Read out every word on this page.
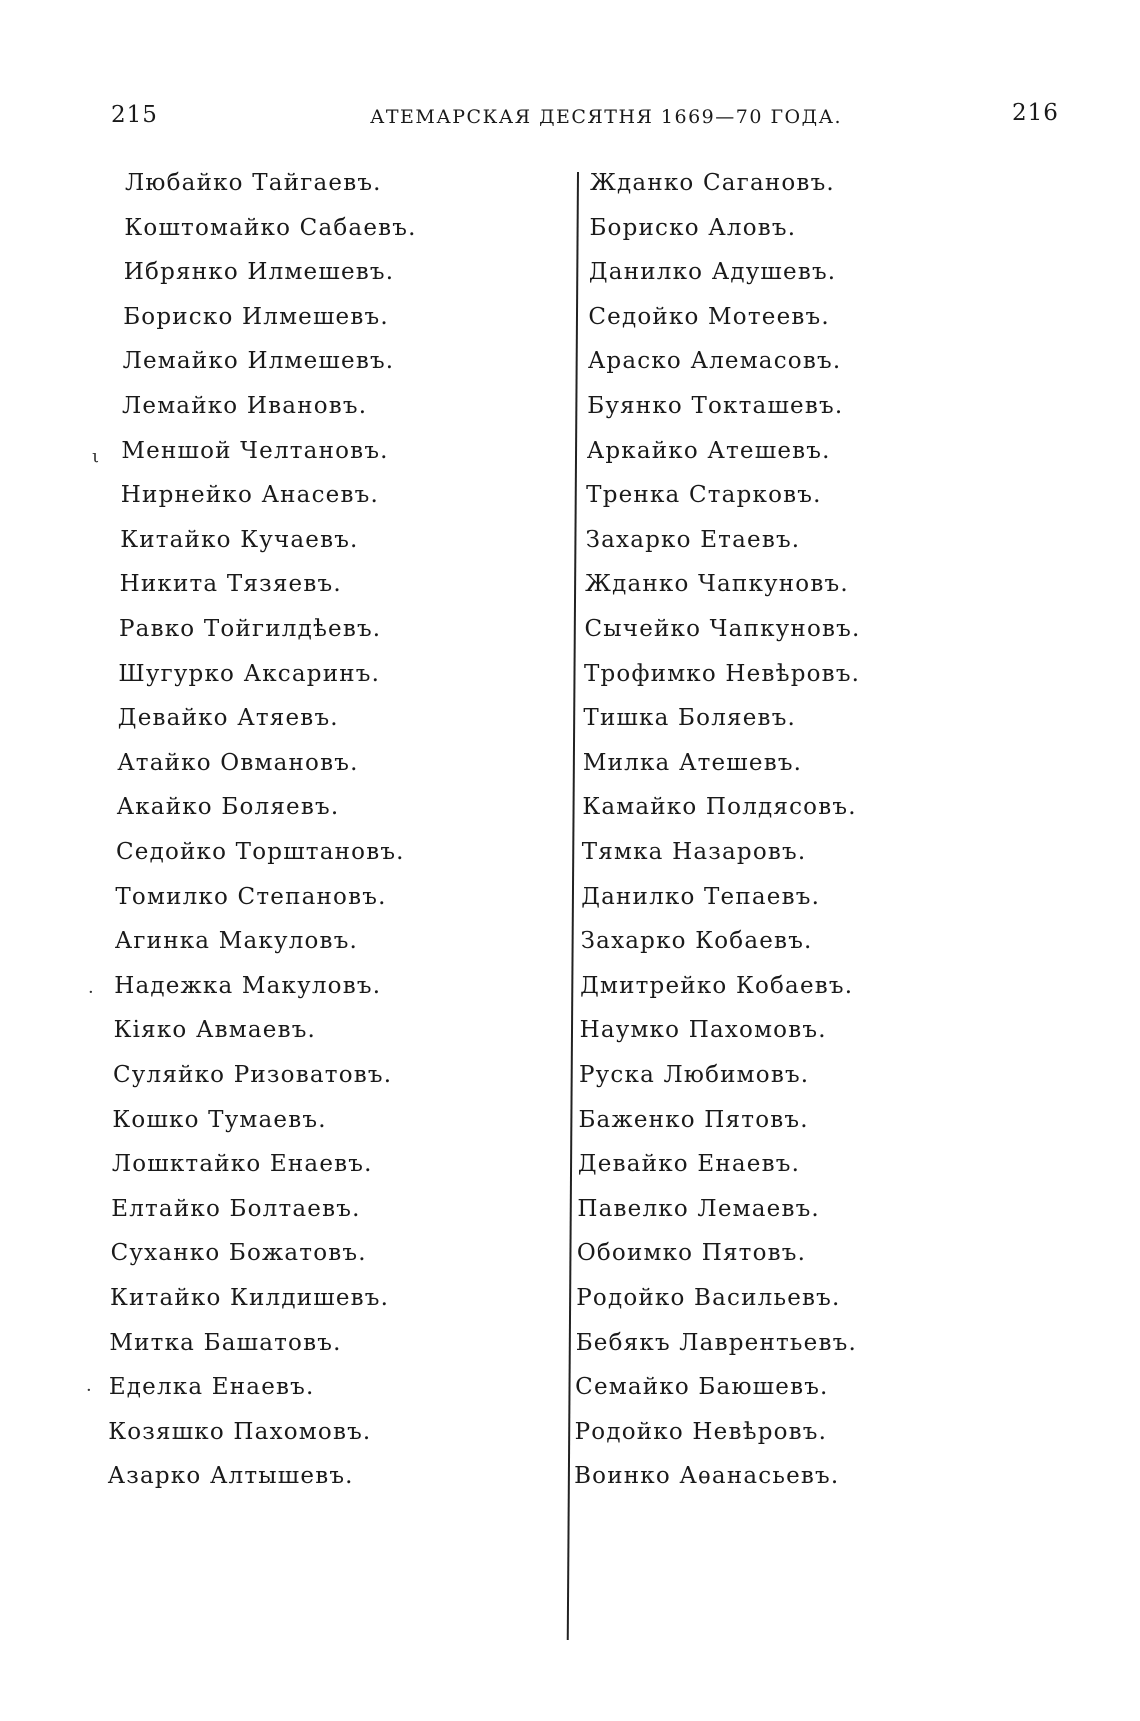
215	АТЕМАРСКАЯ ДЕСЯТНЯ 1669—70 ГОДА.	216
Любайко Тайгаевъ.
Коштомайко Сабаевъ.
Ибрянко Илмешевъ.
Бориско Илмешевъ.
Лемайко Илмешевъ.
Лемайко Ивановъ.
Меншой Челтановъ.
Нирнейко Анасевъ.
Китайко Кучаевъ.
Никита Тязяевъ.
Равко Тойгилдѣевъ.
Шугурко Аксаринъ.
Девайко Атяевъ.
Атайко Овмановъ.
Акайко Боляевъ.
Седойко Торштановъ.
Томилко Степановъ.
Агинка Макуловъ.
Надежка Макуловъ.
Кіяко Авмаевъ.
Суляйко Ризоватовъ.
Кошко Тумаевъ.
Лошктайко Енаевъ.
Елтайко Болтаевъ.
Суханко Божатовъ.
Китайко Килдишевъ.
Митка Башатовъ.
Еделка Енаевъ.
Козяшко Пахомовъ.
Азарко Алтышевъ.
Жданко Сагановъ.
Бориско Аловъ.
Данилко Адушевъ.
Седойко Мотеевъ.
Араско Алемасовъ.
Буянко Токташевъ.
Аркайко Атешевъ.
Тренка Старковъ.
Захарко Етаевъ.
Жданко Чапкуновъ.
Сычейко Чапкуновъ.
Трофимко Невѣровъ.
Тишка Боляевъ.
Милка Атешевъ.
Камайко Полдясовъ.
Тямка Назаровъ.
Данилко Тепаевъ.
Захарко Кобаевъ.
Дмитрейко Кобаевъ.
Наумко Пахомовъ.
Руска Любимовъ.
Баженко Пятовъ.
Девайко Енаевъ.
Павелко Лемаевъ.
Обоимко Пятовъ.
Родойко Васильевъ.
Бебякъ Лаврентьевъ.
Семайко Баюшевъ.
Родойко Невѣровъ.
Воинко Аѳанасьевъ.
ι
·
·
